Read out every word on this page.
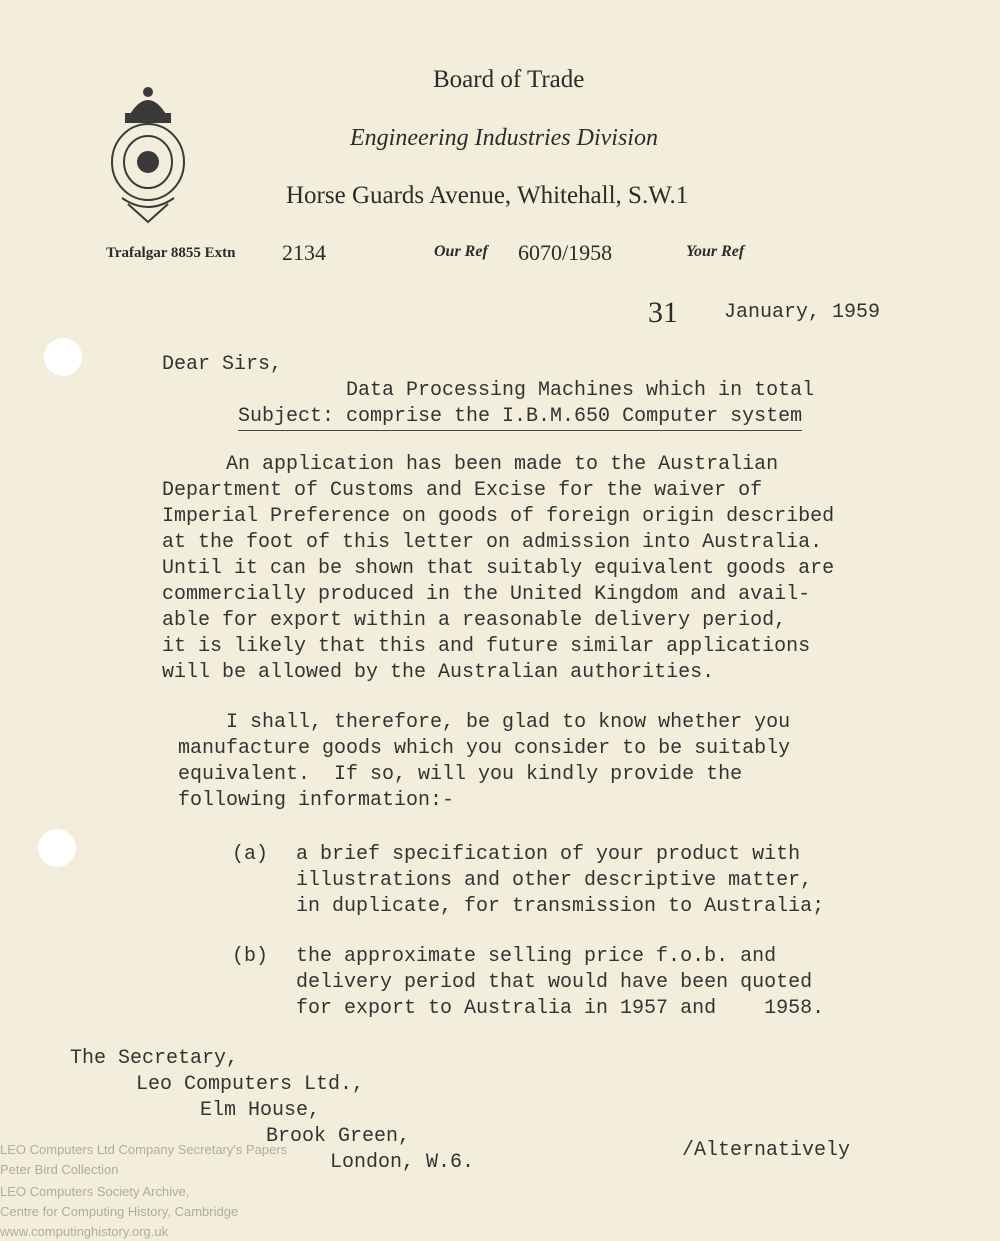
Board of Trade
Engineering Industries Division
Horse Guards Avenue, Whitehall, S.W.1
Trafalgar 8855 Extn 2134	Our Ref 6070/1958	Your Ref
31 January, 1959
Dear Sirs,
Data Processing Machines which in total
Subject: comprise the I.B.M.650 Computer system
An application has been made to the Australian
Department of Customs and Excise for the waiver of
Imperial Preference on goods of foreign origin described
at the foot of this letter on admission into Australia.
Until it can be shown that suitably equivalent goods are
commercially produced in the United Kingdom and avail-
able for export within a reasonable delivery period,
it is likely that this and future similar applications
will be allowed by the Australian authorities.
I shall, therefore, be glad to know whether you
manufacture goods which you consider to be suitably
equivalent.  If so, will you kindly provide the
following information:-
(a) a brief specification of your product with
illustrations and other descriptive matter,
in duplicate, for transmission to Australia;
(b) the approximate selling price f.o.b. and
delivery period that would have been quoted
for export to Australia in 1957 and    1958.
The Secretary,
Leo Computers Ltd.,
Elm House,
Brook Green,
London, W.6.
/Alternatively
LEO Computers Ltd Company Secretary's Papers
Peter Bird Collection
LEO Computers Society Archive,
Centre for Computing History, Cambridge
www.computinghistory.org.uk
